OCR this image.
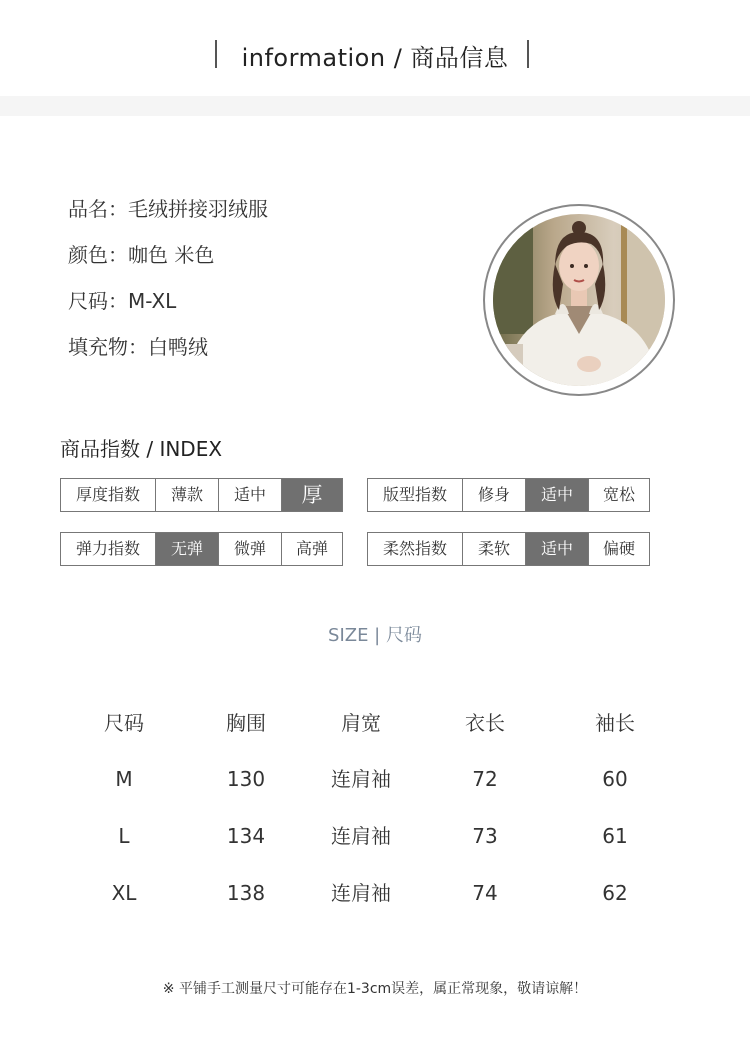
information / 商品信息
品名：毛绒拼接羽绒服
颜色：咖色 米色
尺码：M-XL
填充物：白鸭绒
商品指数 / INDEX
厚度指数	薄款	适中	厚	版型指数	修身	适中	宽松
弹力指数	无弹	微弹	高弹	柔然指数	柔软	适中	偏硬
SIZE | 尺码
尺码	胸围	肩宽	衣长	袖长
M	130	连肩袖	72	60
L	134	连肩袖	73	61
XL	138	连肩袖	74	62
※ 平铺手工测量尺寸可能存在1-3cm误差，属正常现象，敬请谅解！
